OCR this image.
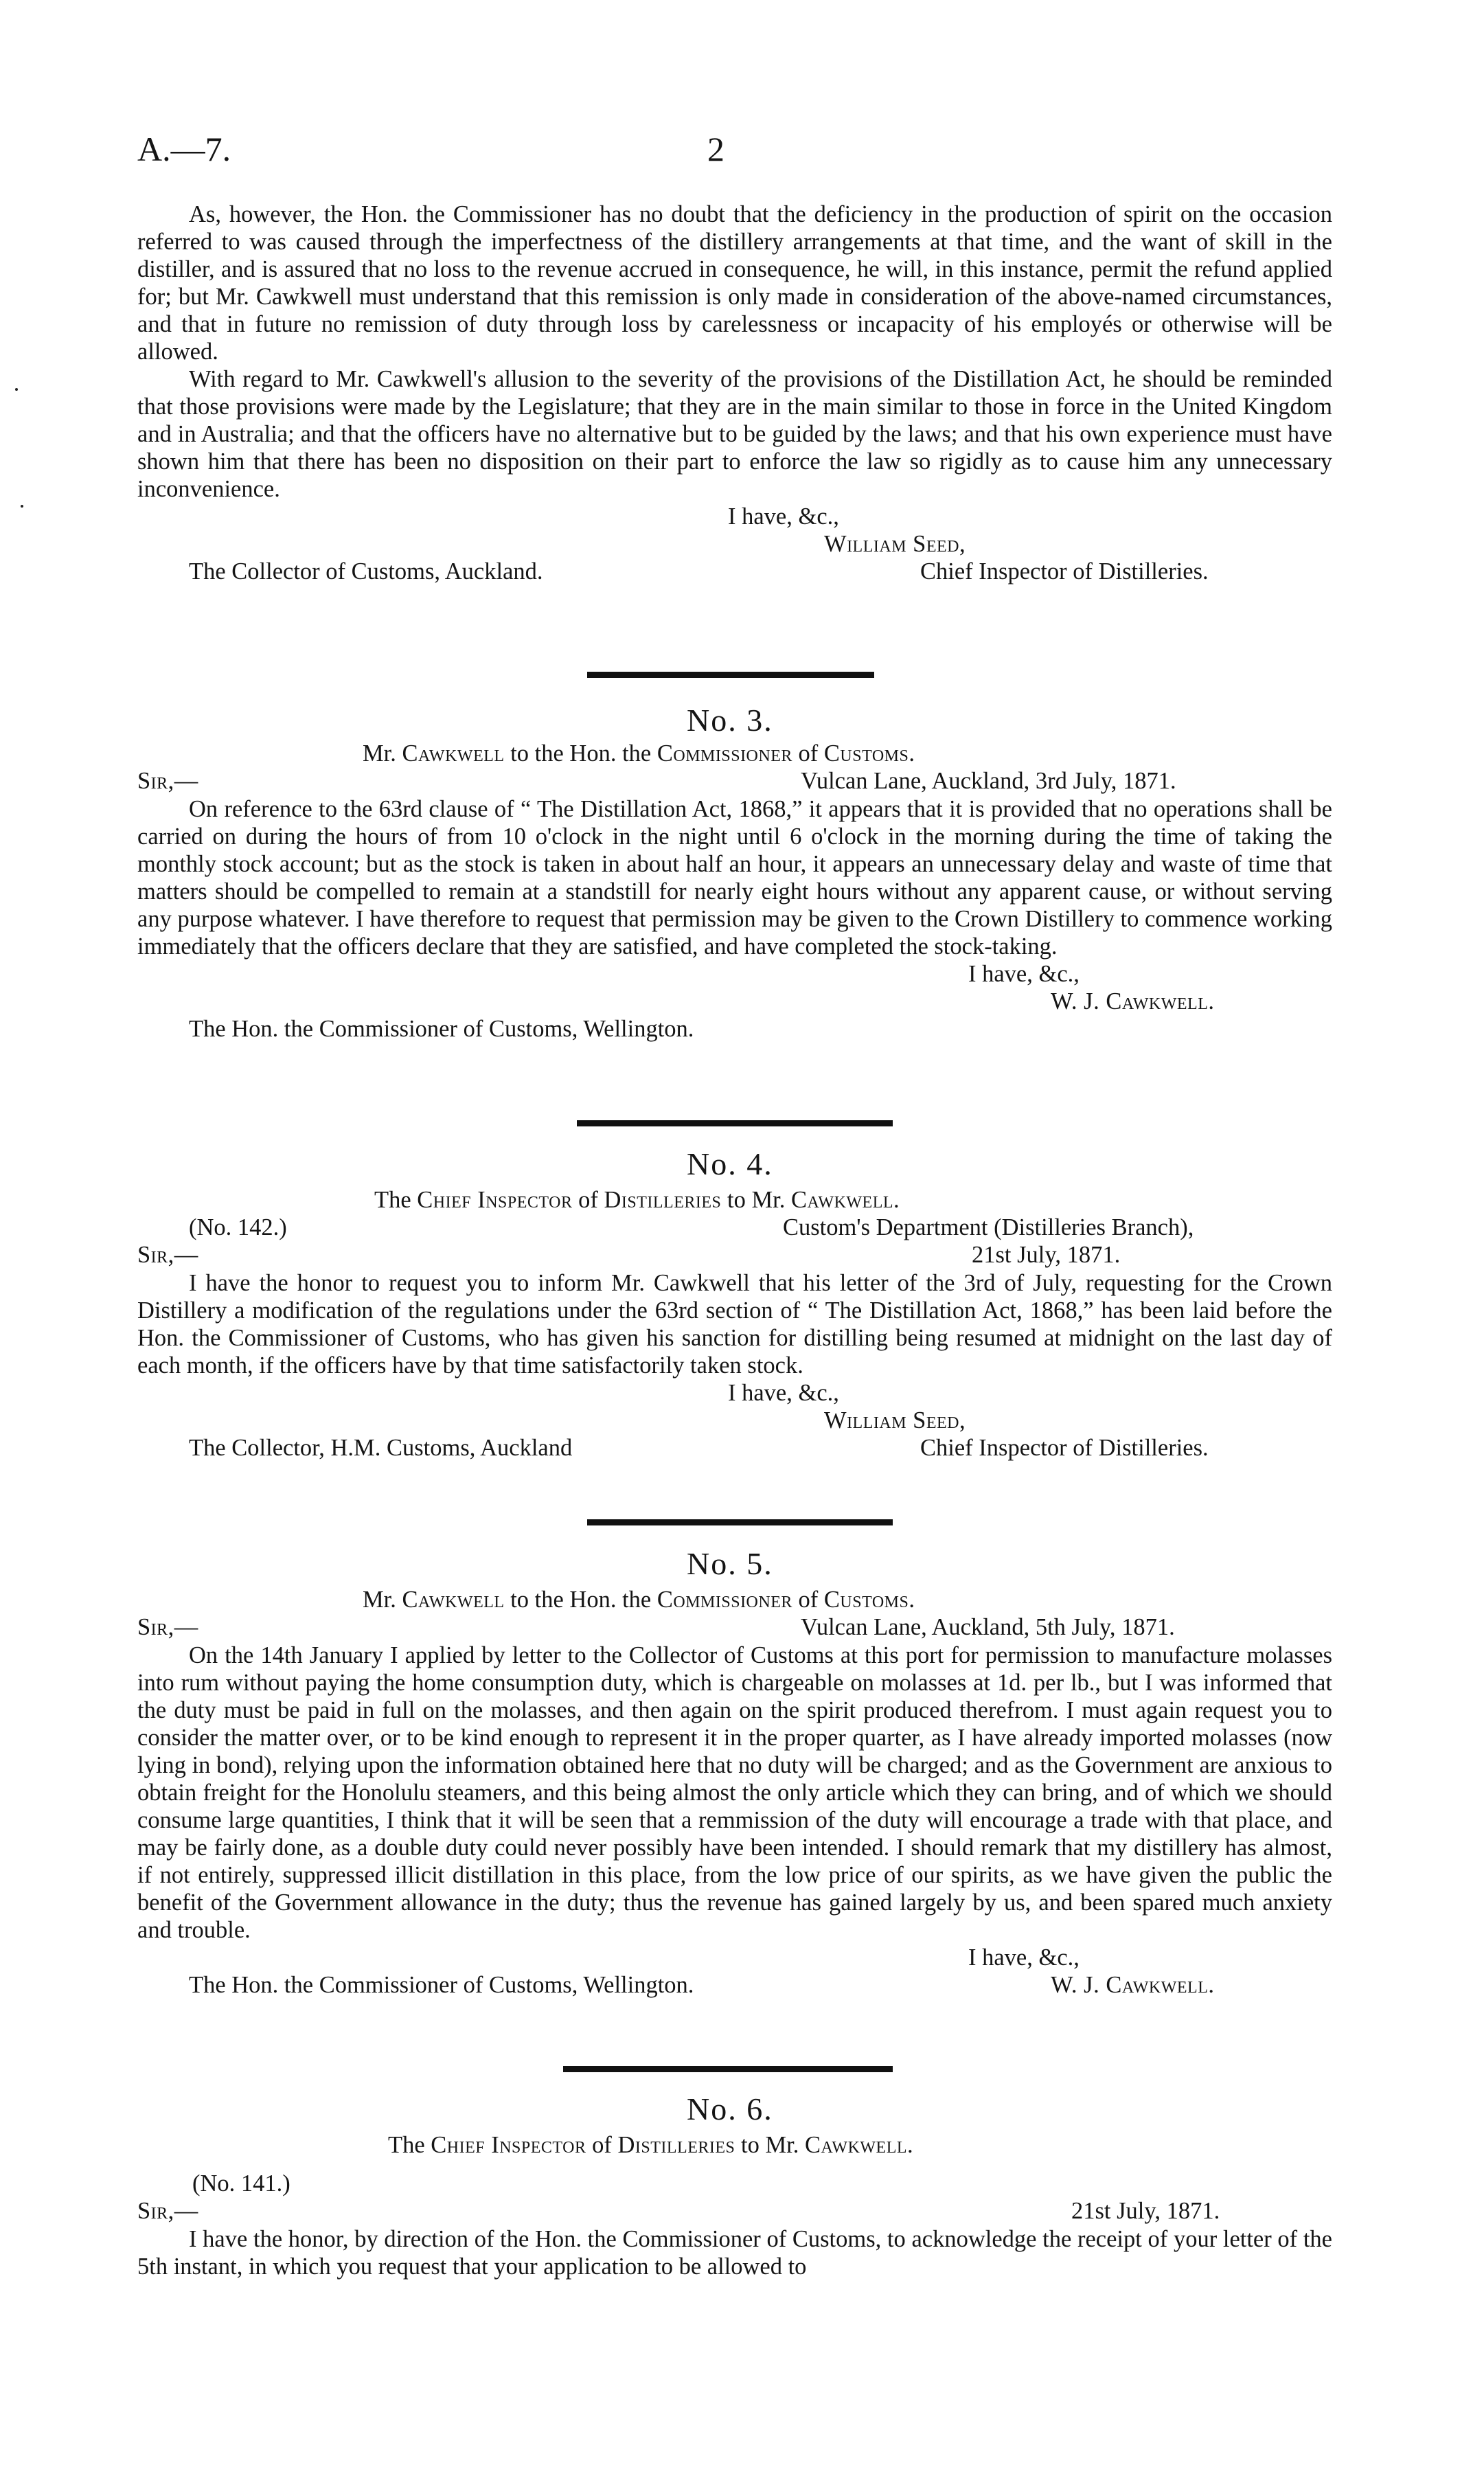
A.—7.	2

As, however, the Hon. the Commissioner has no doubt that the deficiency in the production of spirit on the occasion referred to was caused through the imperfectness of the distillery arrangements at that time, and the want of skill in the distiller, and is assured that no loss to the revenue accrued in consequence, he will, in this instance, permit the refund applied for; but Mr. Cawkwell must understand that this remission is only made in consideration of the above-named circumstances, and that in future no remission of duty through loss by carelessness or incapacity of his employés or otherwise will be allowed.

With regard to Mr. Cawkwell's allusion to the severity of the provisions of the Distillation Act, he should be reminded that those provisions were made by the Legislature; that they are in the main similar to those in force in the United Kingdom and in Australia; and that the officers have no alternative but to be guided by the laws; and that his own experience must have shown him that there has been no disposition on their part to enforce the law so rigidly as to cause him any unnecessary inconvenience.

I have, &c.,
William Seed,
The Collector of Customs, Auckland.	Chief Inspector of Distilleries.
No. 3.
Mr. Cawkwell to the Hon. the Commissioner of Customs.
Sir,—	Vulcan Lane, Auckland, 3rd July, 1871.

On reference to the 63rd clause of “ The Distillation Act, 1868,” it appears that it is provided that no operations shall be carried on during the hours of from 10 o'clock in the night until 6 o'clock in the morning during the time of taking the monthly stock account; but as the stock is taken in about half an hour, it appears an unnecessary delay and waste of time that matters should be compelled to remain at a standstill for nearly eight hours without any apparent cause, or without serving any purpose whatever. I have therefore to request that permission may be given to the Crown Distillery to commence working immediately that the officers declare that they are satisfied, and have completed the stock-taking.

I have, &c.,
W. J. Cawkwell.
The Hon. the Commissioner of Customs, Wellington.
No. 4.
The Chief Inspector of Distilleries to Mr. Cawkwell.
(No. 142.)	Custom's Department (Distilleries Branch),
Sir,—	21st July, 1871.

I have the honor to request you to inform Mr. Cawkwell that his letter of the 3rd of July, requesting for the Crown Distillery a modification of the regulations under the 63rd section of “ The Distillation Act, 1868,” has been laid before the Hon. the Commissioner of Customs, who has given his sanction for distilling being resumed at midnight on the last day of each month, if the officers have by that time satisfactorily taken stock.

I have, &c.,
William Seed,
The Collector, H.M. Customs, Auckland	Chief Inspector of Distilleries.
No. 5.
Mr. Cawkwell to the Hon. the Commissioner of Customs.
Sir,—	Vulcan Lane, Auckland, 5th July, 1871.

On the 14th January I applied by letter to the Collector of Customs at this port for permission to manufacture molasses into rum without paying the home consumption duty, which is chargeable on molasses at 1d. per lb., but I was informed that the duty must be paid in full on the molasses, and then again on the spirit produced therefrom. I must again request you to consider the matter over, or to be kind enough to represent it in the proper quarter, as I have already imported molasses (now lying in bond), relying upon the information obtained here that no duty will be charged; and as the Government are anxious to obtain freight for the Honolulu steamers, and this being almost the only article which they can bring, and of which we should consume large quantities, I think that it will be seen that a remmission of the duty will encourage a trade with that place, and may be fairly done, as a double duty could never possibly have been intended. I should remark that my distillery has almost, if not entirely, suppressed illicit distillation in this place, from the low price of our spirits, as we have given the public the benefit of the Government allowance in the duty; thus the revenue has gained largely by us, and been spared much anxiety and trouble.

I have, &c.,
The Hon. the Commissioner of Customs, Wellington.	W. J. Cawkwell.
No. 6.
The Chief Inspector of Distilleries to Mr. Cawkwell.
(No. 141.)
Sir,—	21st July, 1871.

I have the honor, by direction of the Hon. the Commissioner of Customs, to acknowledge the receipt of your letter of the 5th instant, in which you request that your application to be allowed to
